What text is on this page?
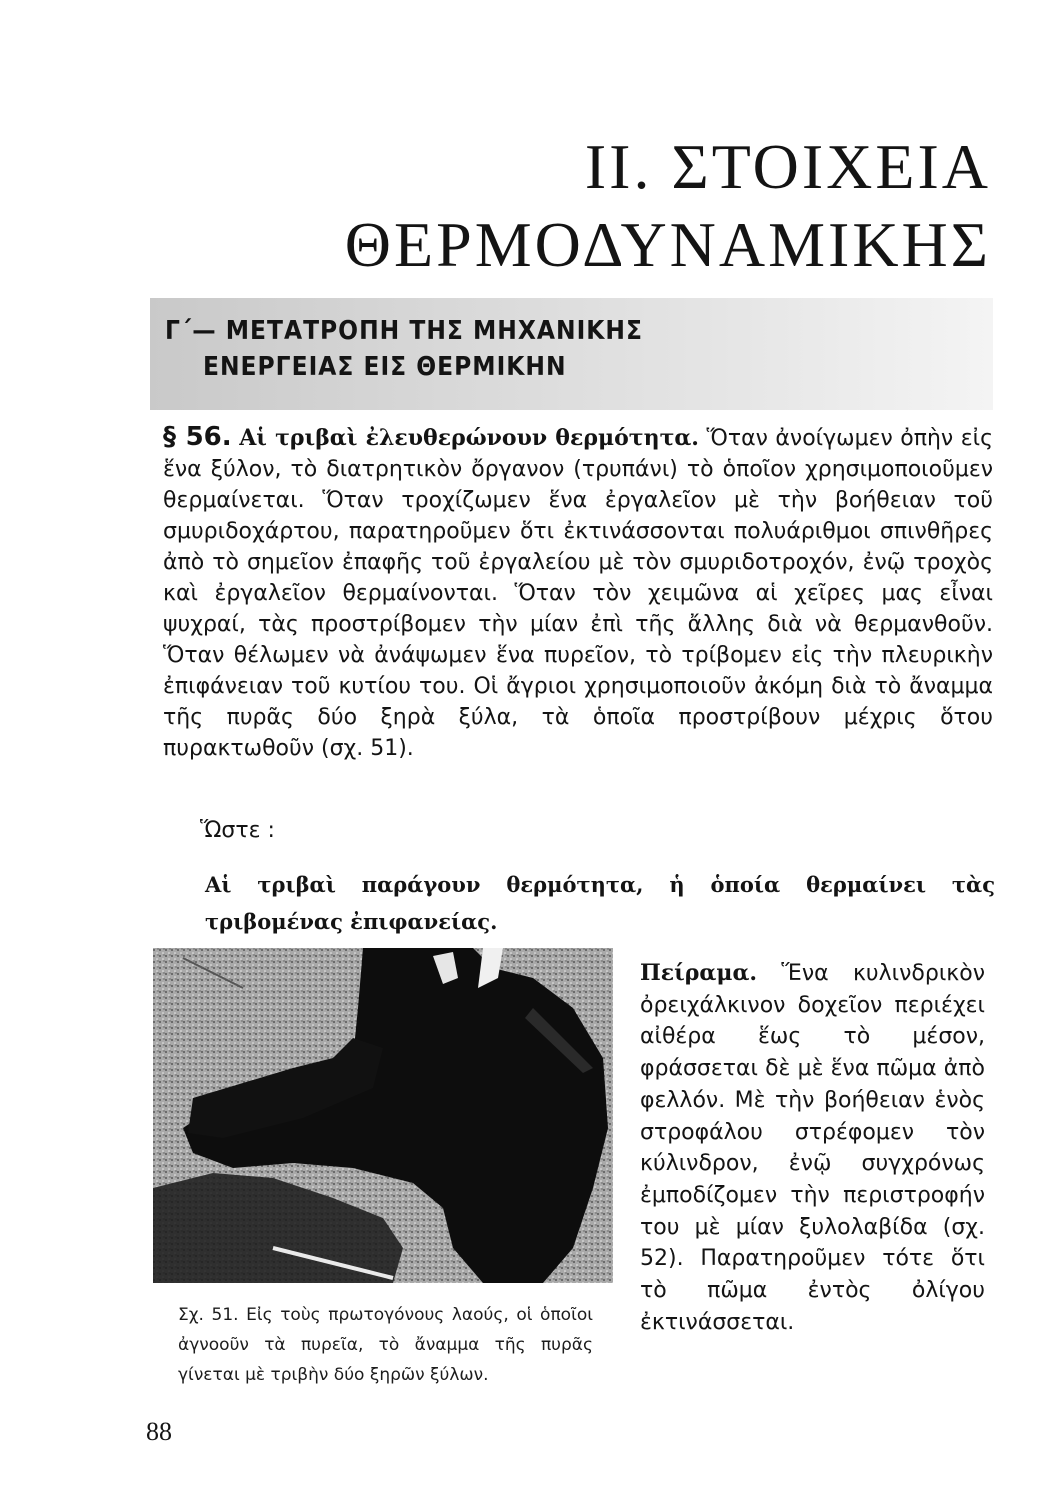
II. ΣΤΟΙΧΕΙΑ
ΘΕΡΜΟΔΥΝΑΜΙΚΗΣ
Γ΄— ΜΕΤΑΤΡΟΠΗ ΤΗΣ ΜΗΧΑΝΙΚΗΣ
ΕΝΕΡΓΕΙΑΣ ΕΙΣ ΘΕΡΜΙΚΗΝ

§ 56. Αἱ τριβαὶ ἐλευθερώνουν θερμότητα. Ὅταν ἀνοίγωμεν ὀπὴν εἰς ἕνα ξύλον, τὸ διατρητικὸν ὄργανον (τρυπάνι) τὸ ὁποῖον χρησιμοποιοῦμεν θερμαίνεται. Ὅταν τροχίζωμεν ἕνα ἐργαλεῖον μὲ τὴν βοήθειαν τοῦ σμυριδοχάρτου, παρατηροῦμεν ὅτι ἐκτινάσσονται πολυάριθμοι σπινθῆρες ἀπὸ τὸ σημεῖον ἐπαφῆς τοῦ ἐργαλείου μὲ τὸν σμυριδοτροχόν, ἐνῷ τροχὸς καὶ ἐργαλεῖον θερμαίνονται. Ὅταν τὸν χειμῶνα αἱ χεῖρες μας εἶναι ψυχραί, τὰς προστρίβομεν τὴν μίαν ἐπὶ τῆς ἄλλης διὰ νὰ θερμανθοῦν. Ὅταν θέλωμεν νὰ ἀνάψωμεν ἕνα πυρεῖον, τὸ τρίβομεν εἰς τὴν πλευρικὴν ἐπιφάνειαν τοῦ κυτίου του. Οἱ ἄγριοι χρησιμοποιοῦν ἀκόμη διὰ τὸ ἄναμμα τῆς πυρᾶς δύο ξηρὰ ξύλα, τὰ ὁποῖα προστρίβουν μέχρις ὅτου πυρακτωθοῦν (σχ. 51).

Ὥστε :

Αἱ τριβαὶ παράγουν θερμότητα, ἡ ὁποία θερμαίνει τὰς τριβομένας ἐπιφανείας.

Σχ. 51. Εἰς τοὺς πρωτογόνους λαούς, οἱ ὁποῖοι ἀγνοοῦν τὰ πυρεῖα, τὸ ἄναμμα τῆς πυρᾶς γίνεται μὲ τριβὴν δύο ξηρῶν ξύλων.

Πείραμα. Ἕνα κυλινδρικὸν ὀρειχάλκινον δοχεῖον περιέχει αἰθέρα ἕως τὸ μέσον, φράσσεται δὲ μὲ ἕνα πῶμα ἀπὸ φελλόν. Μὲ τὴν βοήθειαν ἑνὸς στροφάλου στρέφομεν τὸν κύλινδρον, ἐνῷ συγχρόνως ἐμποδίζομεν τὴν περιστροφήν του μὲ μίαν ξυλολαβίδα (σχ. 52). Παρατηροῦμεν τότε ὅτι τὸ πῶμα ἐντὸς ὀλίγου ἐκτινάσσεται.

88
